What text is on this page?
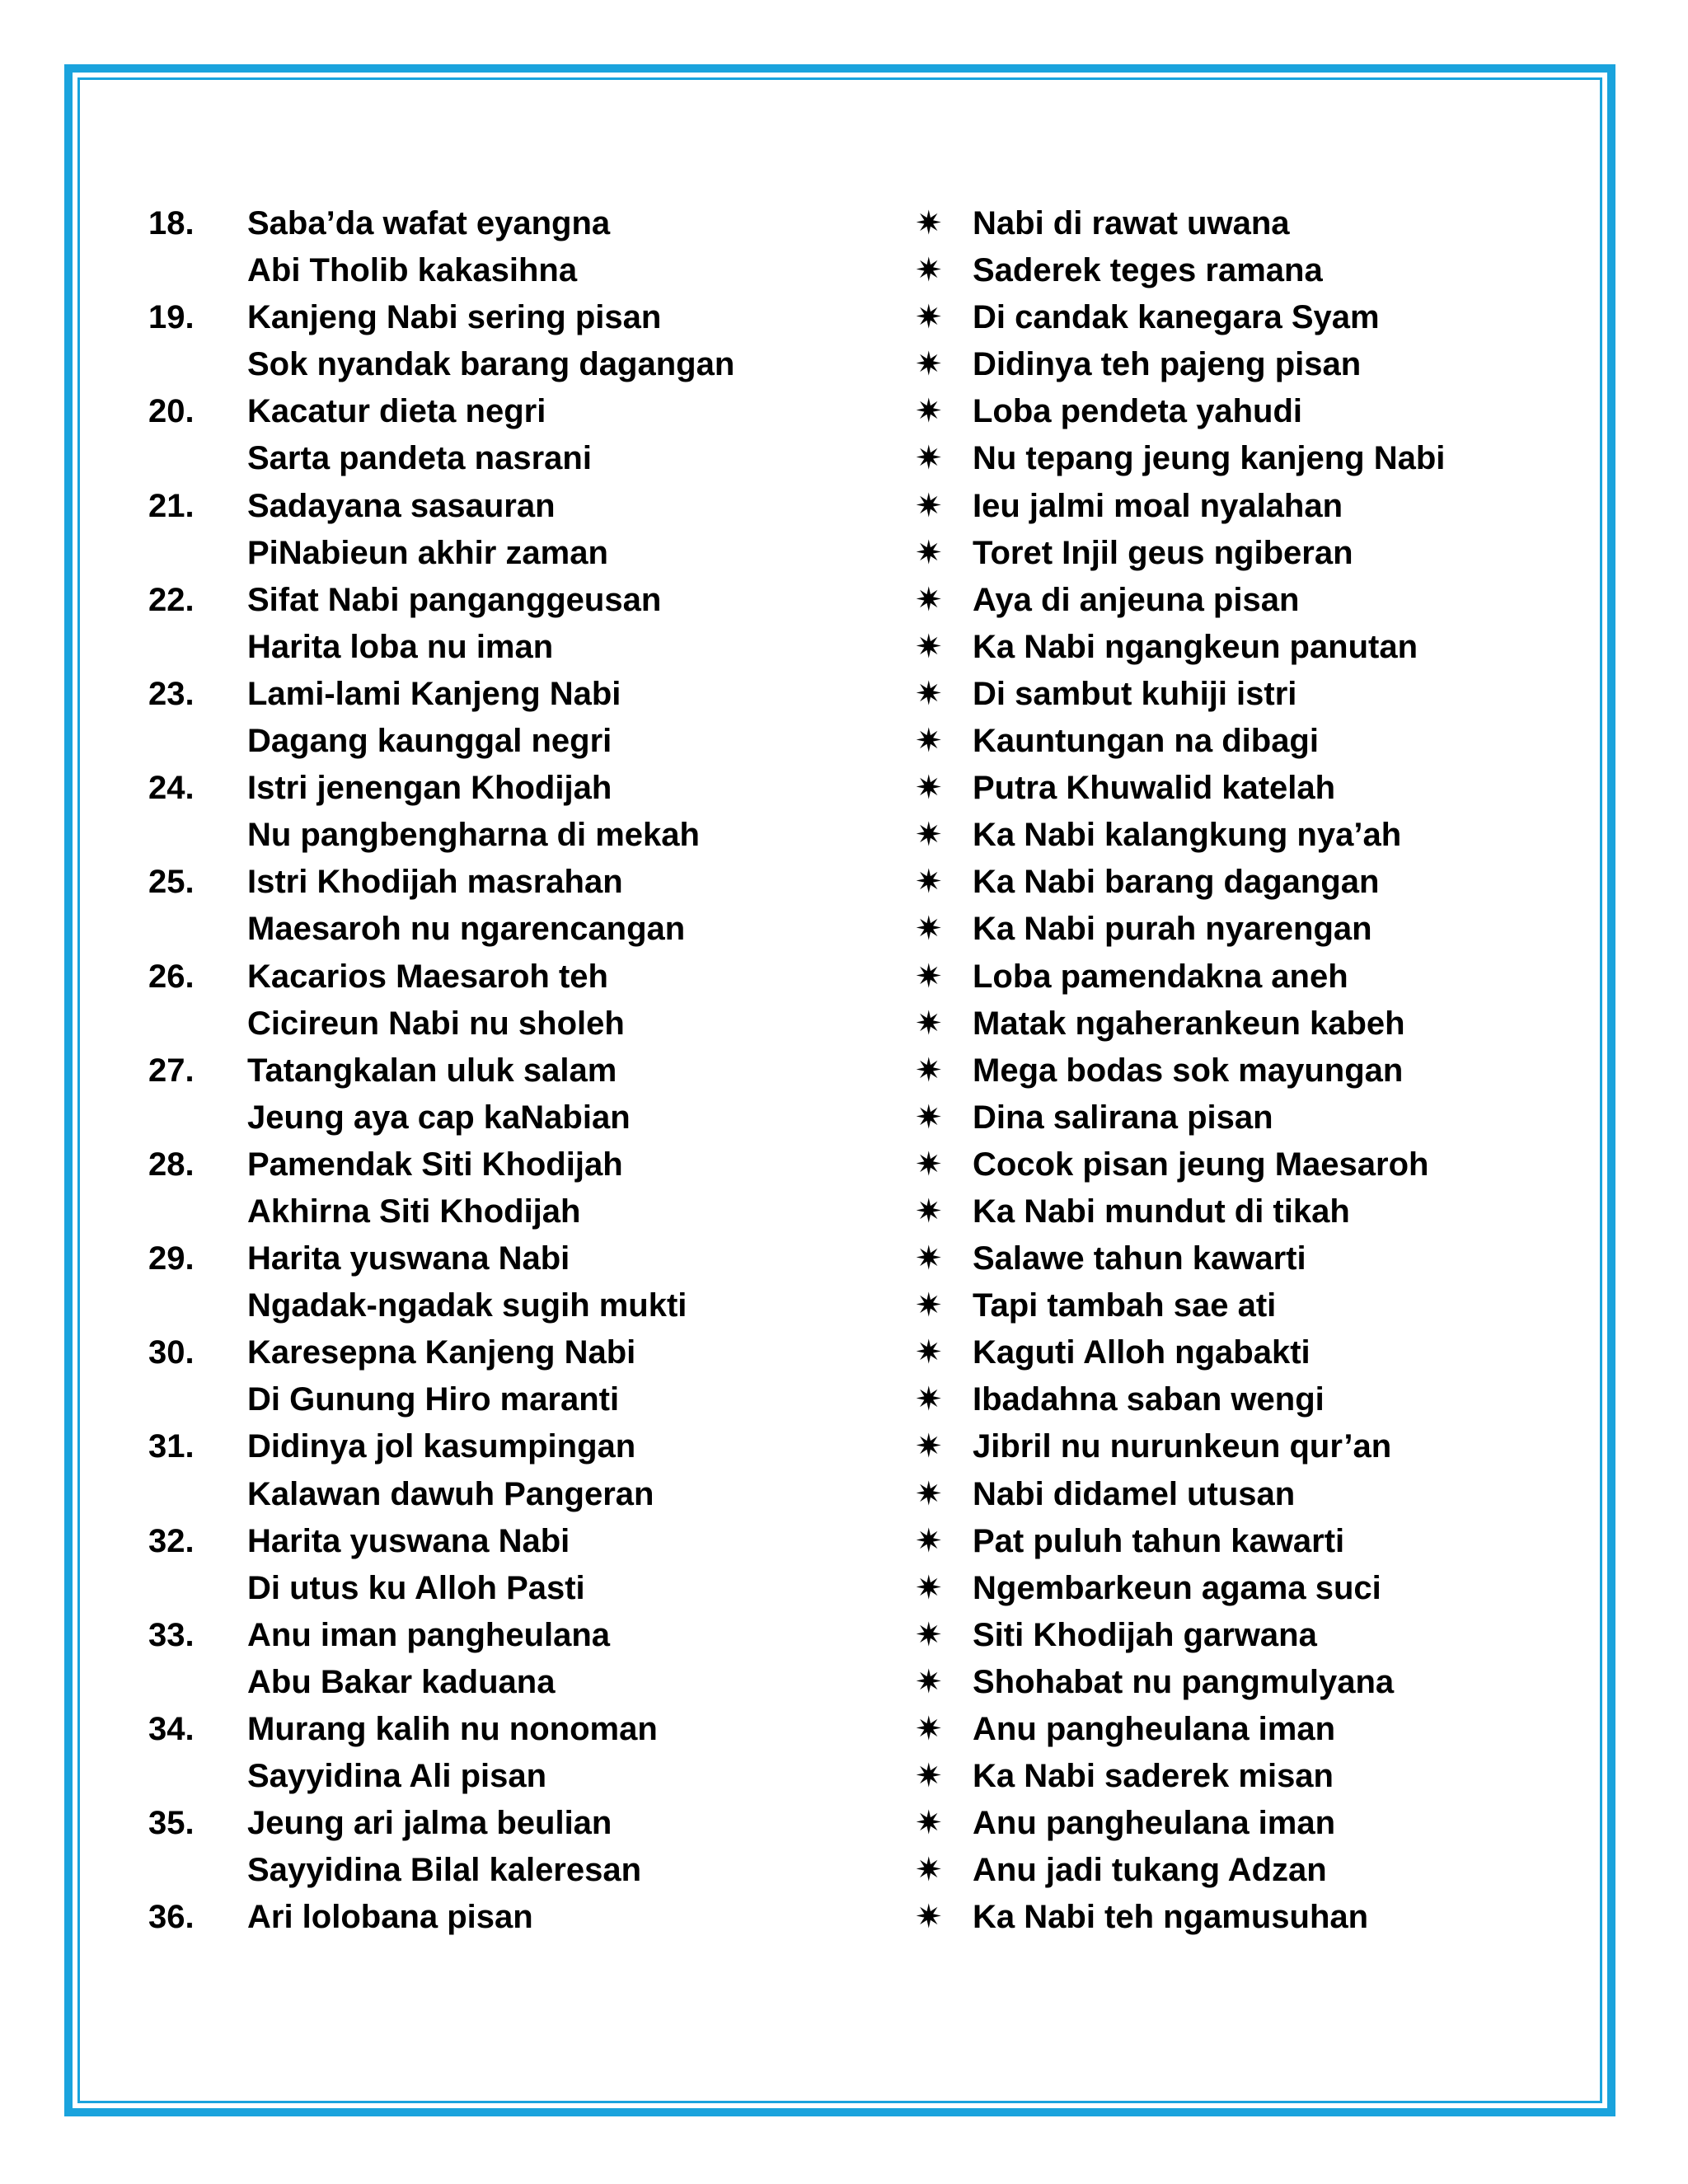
18. Saba’da wafat eyangna	✷ Nabi di rawat uwana
Abi Tholib kakasihna	✷ Saderek teges ramana
19. Kanjeng Nabi sering pisan	✷ Di candak kanegara Syam
Sok nyandak barang dagangan	✷ Didinya teh pajeng pisan
20. Kacatur dieta negri	✷ Loba pendeta yahudi
Sarta pandeta nasrani	✷ Nu tepang jeung kanjeng Nabi
21. Sadayana sasauran	✷ Ieu jalmi moal nyalahan
PiNabieun akhir zaman	✷ Toret Injil geus ngiberan
22. Sifat Nabi panganggeusan	✷ Aya di anjeuna pisan
Harita loba nu iman	✷ Ka Nabi ngangkeun panutan
23. Lami-lami Kanjeng Nabi	✷ Di sambut kuhiji istri
Dagang kaunggal negri	✷ Kauntungan na dibagi
24. Istri jenengan Khodijah	✷ Putra Khuwalid katelah
Nu pangbengharna di mekah	✷ Ka Nabi kalangkung nya’ah
25. Istri Khodijah masrahan	✷ Ka Nabi barang dagangan
Maesaroh nu ngarencangan	✷ Ka Nabi purah nyarengan
26. Kacarios Maesaroh teh	✷ Loba pamendakna aneh
Cicireun Nabi nu sholeh	✷ Matak ngaherankeun kabeh
27. Tatangkalan uluk salam	✷ Mega bodas sok mayungan
Jeung aya cap kaNabian	✷ Dina salirana pisan
28. Pamendak Siti Khodijah	✷ Cocok pisan jeung Maesaroh
Akhirna Siti Khodijah	✷ Ka Nabi mundut di tikah
29. Harita yuswana Nabi	✷ Salawe tahun kawarti
Ngadak-ngadak sugih mukti	✷ Tapi tambah sae ati
30. Karesepna Kanjeng Nabi	✷ Kaguti Alloh ngabakti
Di Gunung Hiro maranti	✷ Ibadahna saban wengi
31. Didinya jol kasumpingan	✷ Jibril nu nurunkeun qur’an
Kalawan dawuh Pangeran	✷ Nabi didamel utusan
32. Harita yuswana Nabi	✷ Pat puluh tahun kawarti
Di utus ku Alloh Pasti	✷ Ngembarkeun agama suci
33. Anu iman pangheulana	✷ Siti Khodijah garwana
Abu Bakar kaduana	✷ Shohabat nu pangmulyana
34. Murang kalih nu nonoman	✷ Anu pangheulana iman
Sayyidina Ali pisan	✷ Ka Nabi saderek misan
35. Jeung ari jalma beulian	✷ Anu pangheulana iman
Sayyidina Bilal kaleresan	✷ Anu jadi tukang Adzan
36. Ari lolobana pisan	✷ Ka Nabi teh ngamusuhan
